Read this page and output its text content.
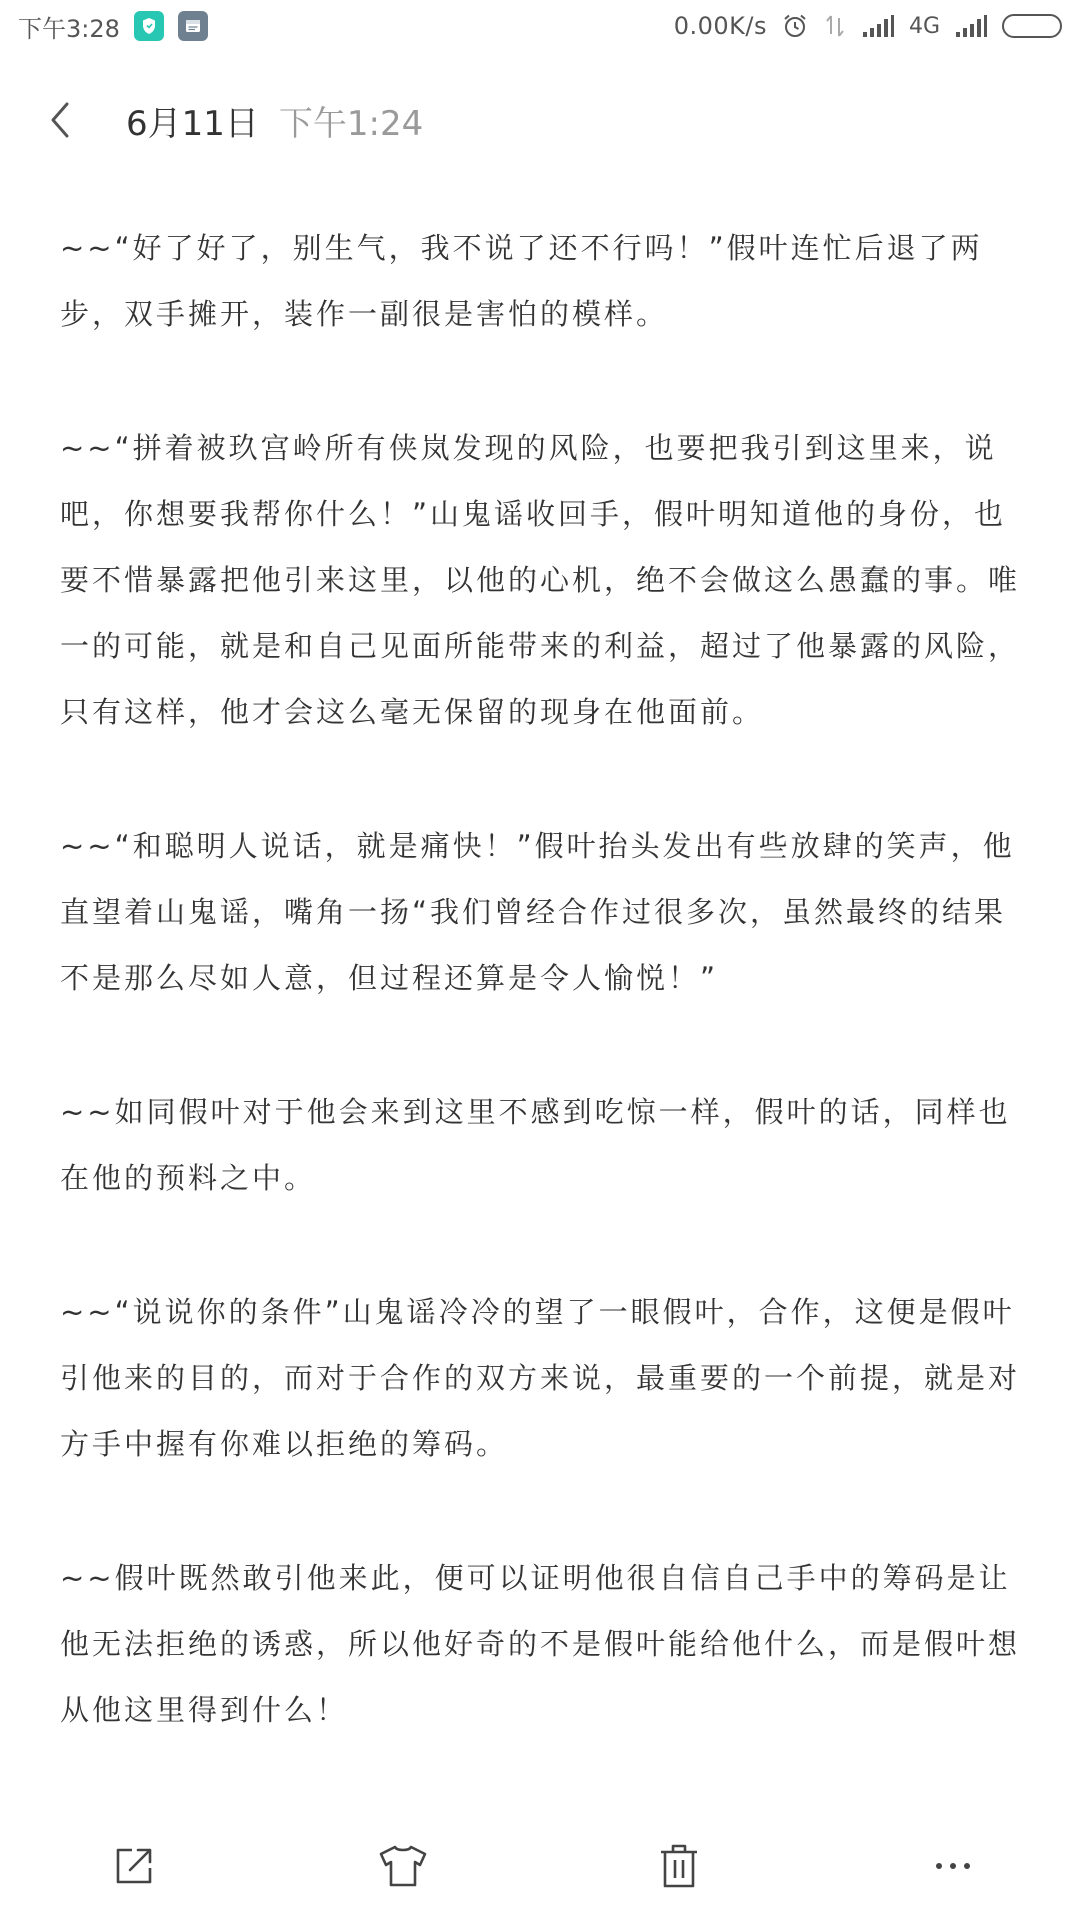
下午3:28	0.00K/s	4G
6月11日 下午1:24

~~“好了好了，别生气，我不说了还不行吗！”假叶连忙后退了两步，双手摊开，装作一副很是害怕的模样。

~~“拼着被玖宫岭所有侠岚发现的风险，也要把我引到这里来，说吧，你想要我帮你什么！”山鬼谣收回手，假叶明知道他的身份，也要不惜暴露把他引来这里，以他的心机，绝不会做这么愚蠢的事。唯一的可能，就是和自己见面所能带来的利益，超过了他暴露的风险，只有这样，他才会这么毫无保留的现身在他面前。

~~“和聪明人说话，就是痛快！”假叶抬头发出有些放肆的笑声，他直望着山鬼谣，嘴角一扬“我们曾经合作过很多次，虽然最终的结果不是那么尽如人意，但过程还算是令人愉悦！”

~~如同假叶对于他会来到这里不感到吃惊一样，假叶的话，同样也在他的预料之中。

~~“说说你的条件”山鬼谣冷冷的望了一眼假叶，合作，这便是假叶引他来的目的，而对于合作的双方来说，最重要的一个前提，就是对方手中握有你难以拒绝的筹码。

~~假叶既然敢引他来此，便可以证明他很自信自己手中的筹码是让他无法拒绝的诱惑，所以他好奇的不是假叶能给他什么，而是假叶想从他这里得到什么！
